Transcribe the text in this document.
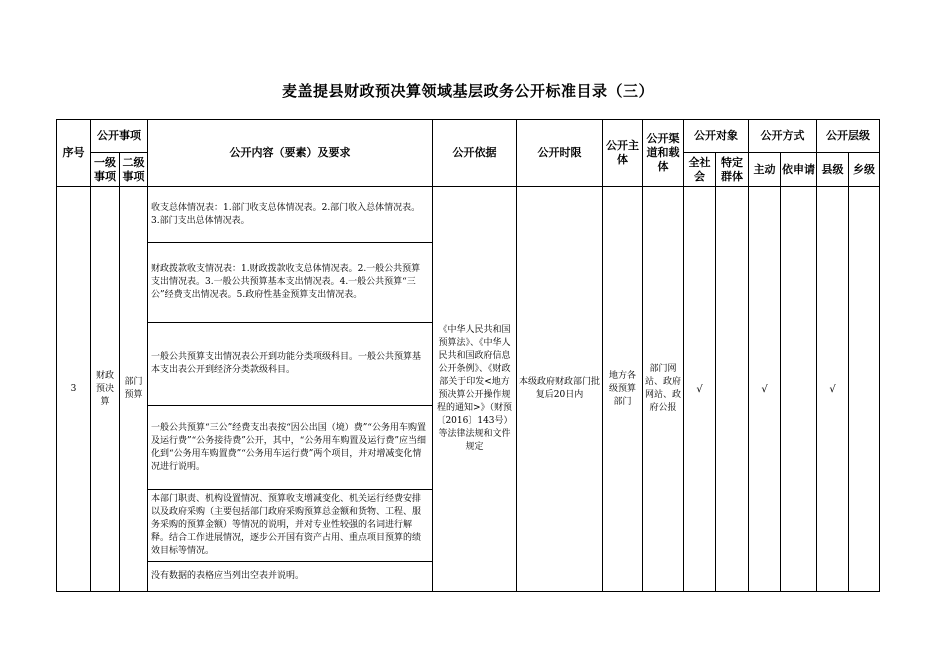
麦盖提县财政预决算领域基层政务公开标准目录（三）
序号	公开事项		公开内容（要素）及要求	公开依据	公开时限	公开主体	公开渠道和载体	公开对象		公开方式		公开层级	
	一级事项	二级事项						全社会	特定群体	主动	依申请	县级	乡级
3	财政预决算	部门预算	收支总体情况表：1.部门收支总体情况表。2.部门收入总体情况表。3.部门支出总体情况表。	《中华人民共和国预算法》、《中华人民共和国政府信息公开条例》、《财政部关于印发<地方预决算公开操作规程的通知>》（财预〔2016〕143号）等法律法规和文件规定	本级政府财政部门批复后20日内	地方各级预算部门	部门网站、政府网站、政府公报	√		√		√	
			财政拨款收支情况表：1.财政拨款收支总体情况表。2.一般公共预算支出情况表。3.一般公共预算基本支出情况表。4.一般公共预算“三公”经费支出情况表。5.政府性基金预算支出情况表。										
			一般公共预算支出情况表公开到功能分类项级科目。一般公共预算基本支出表公开到经济分类款级科目。										
			一般公共预算“三公”经费支出表按“因公出国（境）费”“公务用车购置及运行费”“公务接待费”公开，其中，“公务用车购置及运行费”应当细化到“公务用车购置费”“公务用车运行费”两个项目，并对增减变化情况进行说明。										
			本部门职责、机构设置情况、预算收支增减变化、机关运行经费安排以及政府采购（主要包括部门政府采购预算总金额和货物、工程、服务采购的预算金额）等情况的说明，并对专业性较强的名词进行解释。结合工作进展情况，逐步公开国有资产占用、重点项目预算的绩效目标等情况。										
			没有数据的表格应当列出空表并说明。										
